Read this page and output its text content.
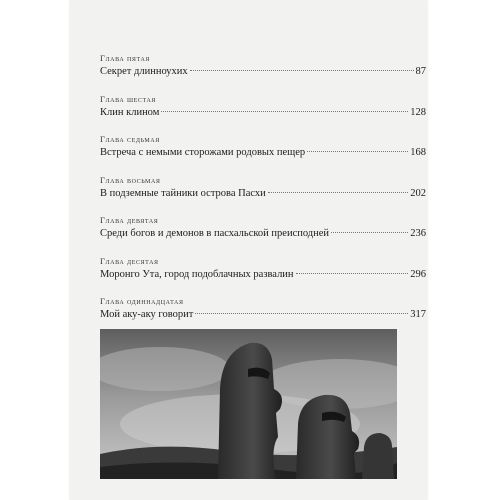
Глава пятая
Секрет длинноухих	87
Глава шестая
Клин клином	128
Глава седьмая
Встреча с немыми сторожами родовых пещер	168
Глава восьмая
В подземные тайники острова Пасхи	202
Глава девятая
Среди богов и демонов в пасхальской преисподней	236
Глава десятая
Моронго Ута, город подоблачных развалин	296
Глава одиннадцатая
Мой аку-аку говорит	317
